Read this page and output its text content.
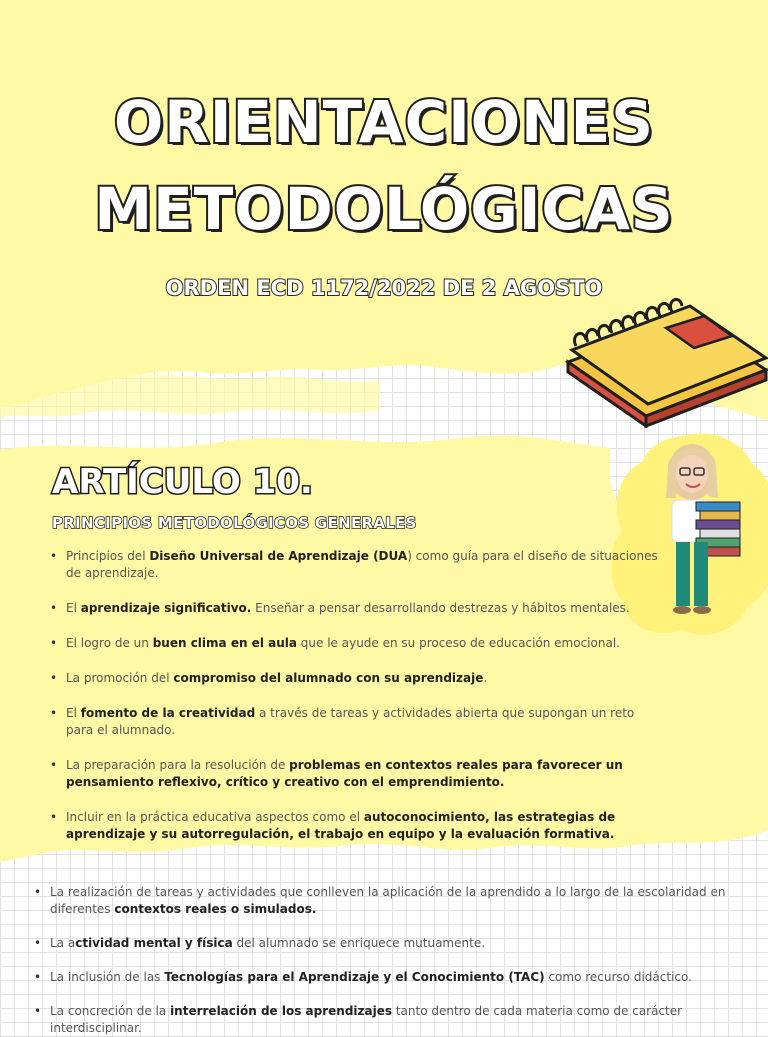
ORIENTACIONES
METODOLÓGICAS
ORDEN ECD 1172/2022 DE 2 AGOSTO
ARTÍCULO 10.
PRINCIPIOS METODOLÓGICOS GENERALES
• Principios del Diseño Universal de Aprendizaje (DUA) como guía para el diseño de situaciones de aprendizaje.
• El aprendizaje significativo. Enseñar a pensar desarrollando destrezas y hábitos mentales.
• El logro de un buen clima en el aula que le ayude en su proceso de educación emocional.
• La promoción del compromiso del alumnado con su aprendizaje.
• El fomento de la creatividad a través de tareas y actividades abierta que supongan un reto para el alumnado.
• La preparación para la resolución de problemas en contextos reales para favorecer un pensamiento reflexivo, crítico y creativo con el emprendimiento.
• Incluir en la práctica educativa aspectos como el autoconocimiento, las estrategias de aprendizaje y su autorregulación, el trabajo en equipo y la evaluación formativa.
• La realización de tareas y actividades que conlleven la aplicación de la aprendido a lo largo de la escolaridad en diferentes contextos reales o simulados.
• La actividad mental y física del alumnado se enriquece mutuamente.
• La inclusión de las Tecnologías para el Aprendizaje y el Conocimiento (TAC) como recurso didáctico.
• La concreción de la interrelación de los aprendizajes tanto dentro de cada materia como de carácter interdisciplinar.
